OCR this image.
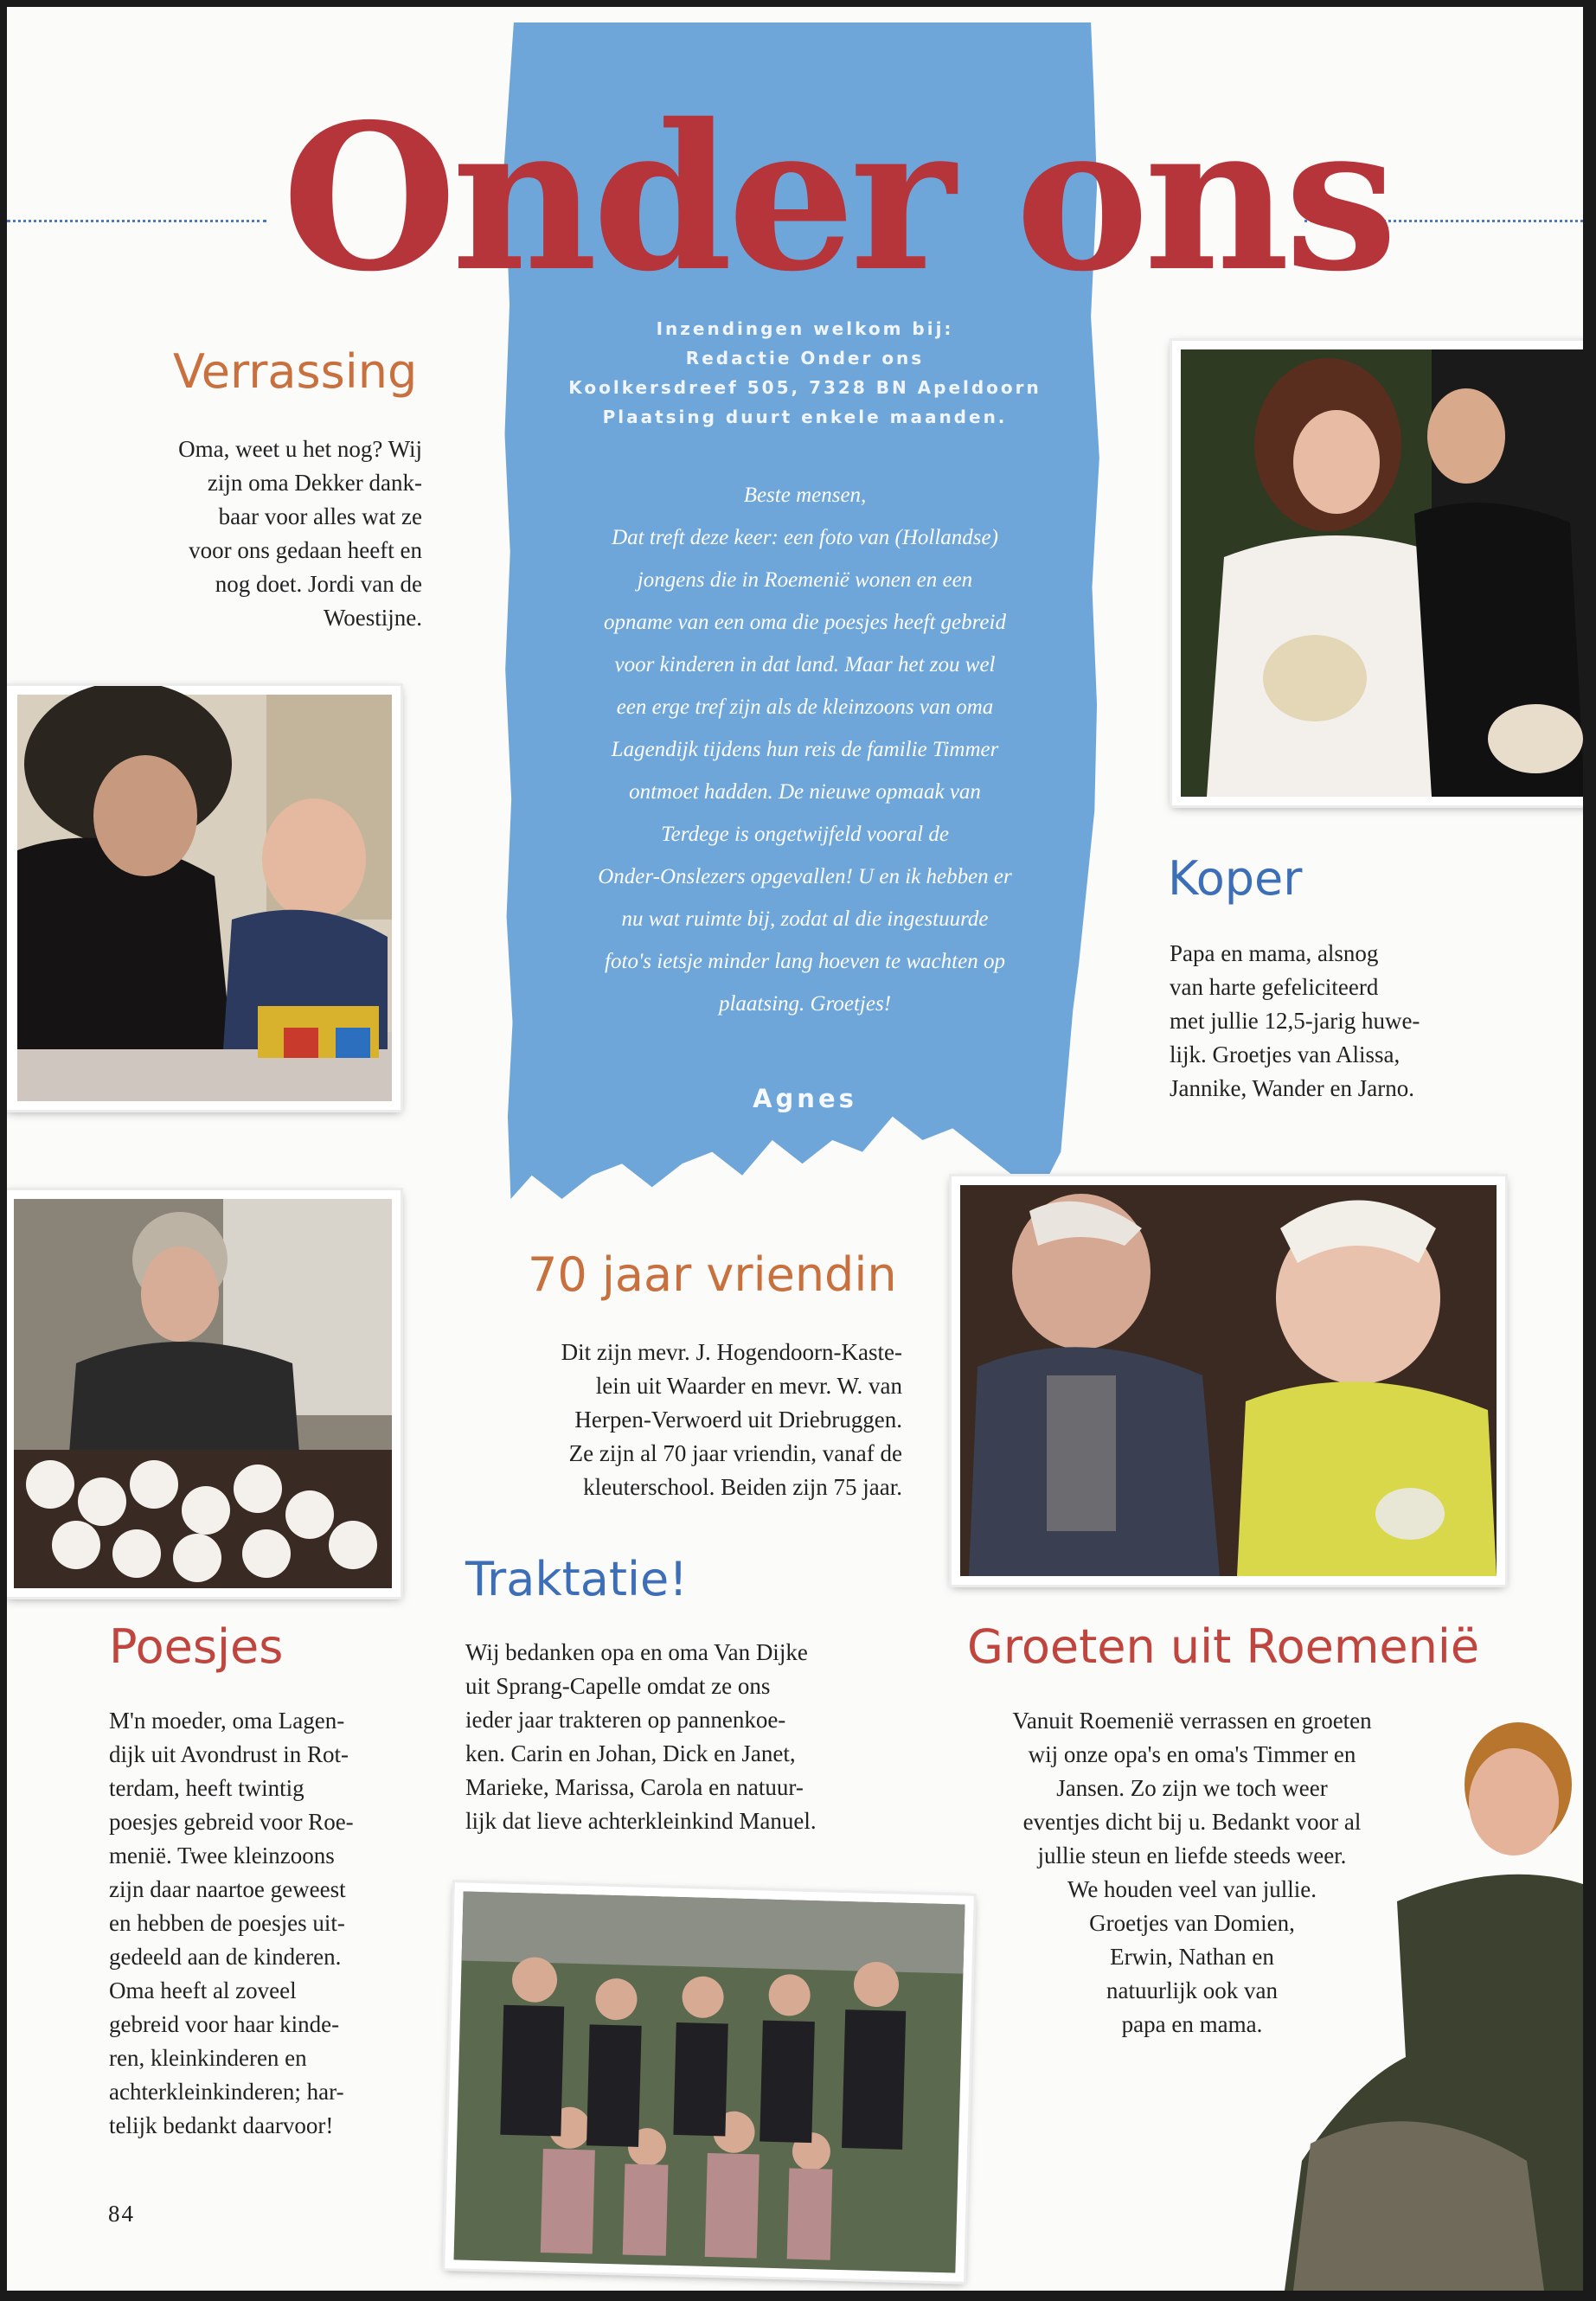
Onder ons
Inzendingen welkom bij:
Redactie Onder ons
Koolkersdreef 505, 7328 BN Apeldoorn
Plaatsing duurt enkele maanden.
Beste mensen,
Dat treft deze keer: een foto van (Hollandse)
jongens die in Roemenië wonen en een
opname van een oma die poesjes heeft gebreid
voor kinderen in dat land. Maar het zou wel
een erge tref zijn als de kleinzoons van oma
Lagendijk tijdens hun reis de familie Timmer
ontmoet hadden. De nieuwe opmaak van
Terdege is ongetwijfeld vooral de
Onder-Onslezers opgevallen! U en ik hebben er
nu wat ruimte bij, zodat al die ingestuurde
foto's ietsje minder lang hoeven te wachten op
plaatsing. Groetjes!
Agnes
Verrassing

Oma, weet u het nog? Wij

zijn oma Dekker dank-

baar voor alles wat ze

voor ons gedaan heeft en

nog doet. Jordi van de

Woestijne.

Koper

Papa en mama, alsnog

van harte gefeliciteerd

met jullie 12,5-jarig huwe-

lijk. Groetjes van Alissa,

Jannike, Wander en Jarno.

70 jaar vriendin

Dit zijn mevr. J. Hogendoorn-Kaste-

lein uit Waarder en mevr. W. van

Herpen-Verwoerd uit Driebruggen.

Ze zijn al 70 jaar vriendin, vanaf de

kleuterschool. Beiden zijn 75 jaar.

Traktatie!

Wij bedanken opa en oma Van Dijke

uit Sprang-Capelle omdat ze ons

ieder jaar trakteren op pannenkoe-

ken. Carin en Johan, Dick en Janet,

Marieke, Marissa, Carola en natuur-

lijk dat lieve achterkleinkind Manuel.

Poesjes

M'n moeder, oma Lagen-

dijk uit Avondrust in Rot-

terdam, heeft twintig

poesjes gebreid voor Roe-

menië. Twee kleinzoons

zijn daar naartoe geweest

en hebben de poesjes uit-

gedeeld aan de kinderen.

Oma heeft al zoveel

gebreid voor haar kinde-

ren, kleinkinderen en

achterkleinkinderen; har-

telijk bedankt daarvoor!

Groeten uit Roemenië

Vanuit Roemenië verrassen en groeten

wij onze opa's en oma's Timmer en

Jansen. Zo zijn we toch weer

eventjes dicht bij u. Bedankt voor al

jullie steun en liefde steeds weer.

We houden veel van jullie.

Groetjes van Domien,

Erwin, Nathan en

natuurlijk ook van

papa en mama.

84
